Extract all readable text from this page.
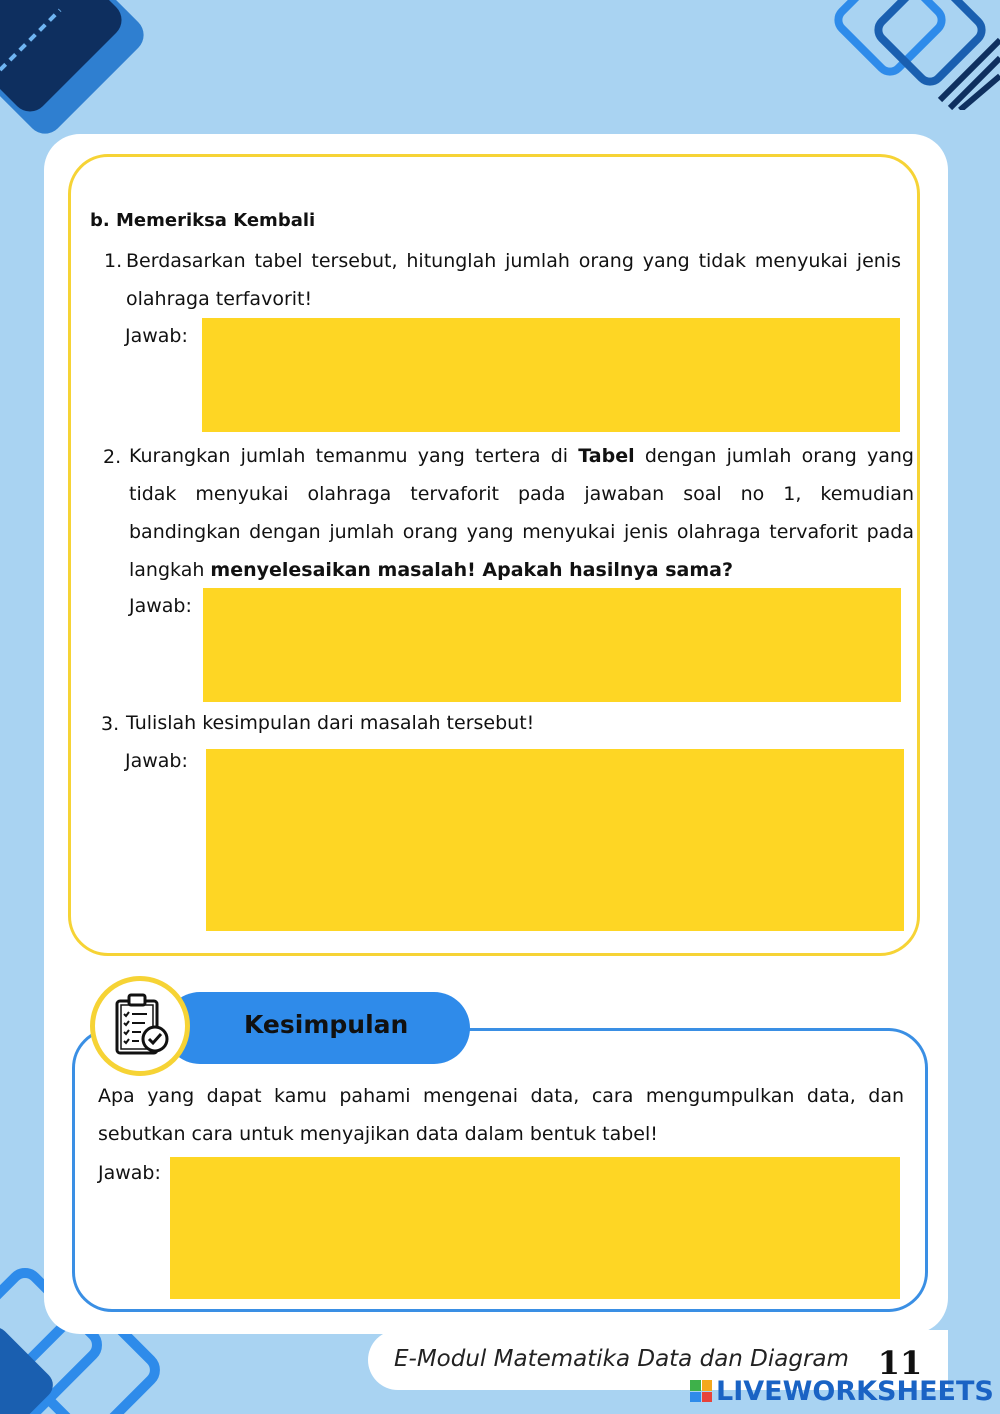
b. Memeriksa Kembali
1. Berdasarkan tabel tersebut, hitunglah jumlah orang yang tidak menyukai jenis olahraga terfavorit!
Jawab:
2. Kurangkan jumlah temanmu yang tertera di Tabel dengan jumlah orang yang tidak menyukai olahraga tervaforit pada jawaban soal no 1, kemudian bandingkan dengan jumlah orang yang menyukai jenis olahraga tervaforit pada langkah menyelesaikan masalah! Apakah hasilnya sama?
Jawab:
3. Tulislah kesimpulan dari masalah tersebut!
Jawab:
Kesimpulan
Apa yang dapat kamu pahami mengenai data, cara mengumpulkan data, dan sebutkan cara untuk menyajikan data dalam bentuk tabel!
Jawab:
E-Modul Matematika Data dan Diagram 11
LIVEWORKSHEETS
